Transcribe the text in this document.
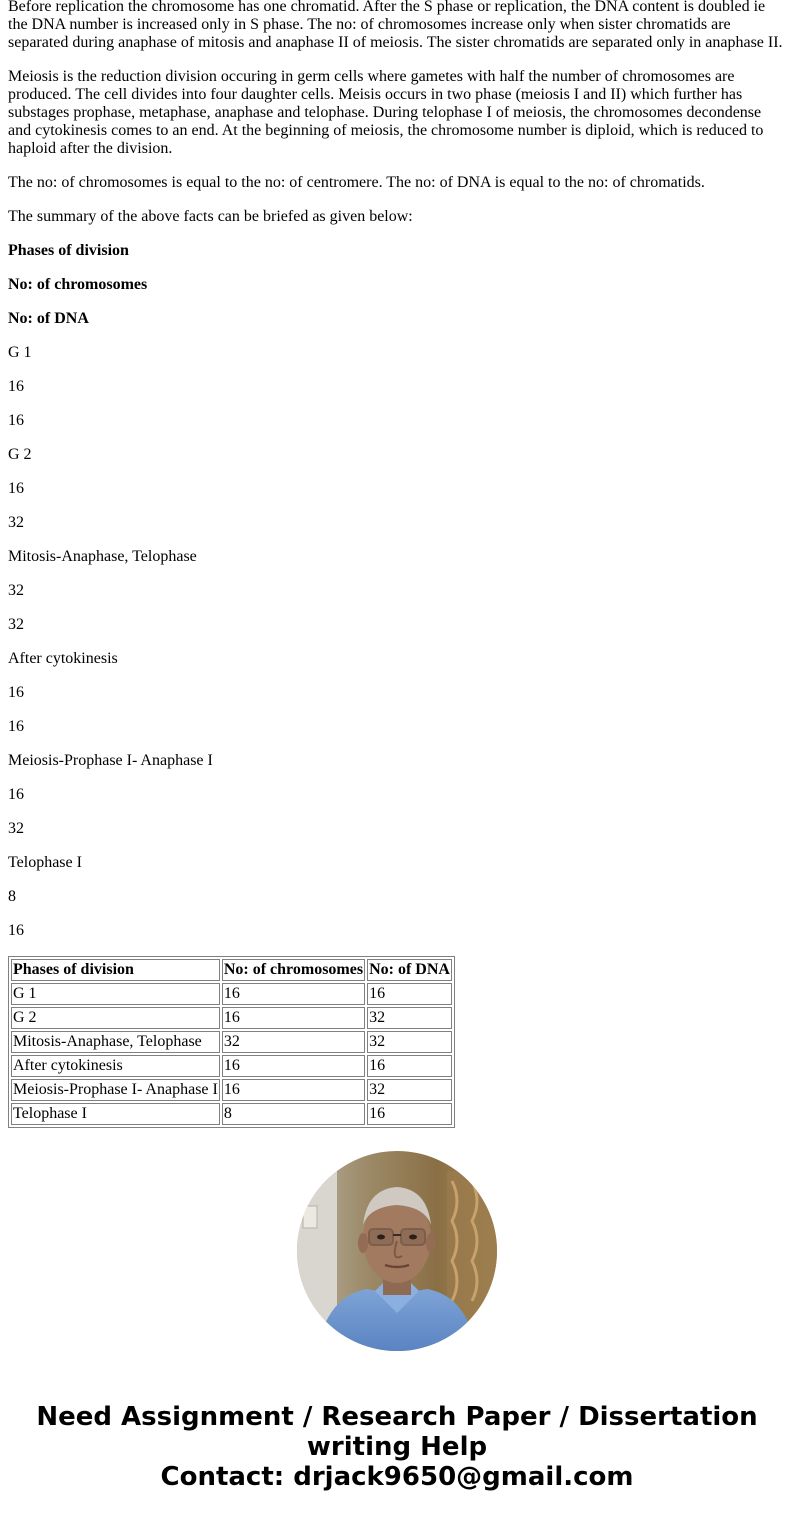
Before replication the chromosome has one chromatid. After the S phase or replication, the DNA content is doubled ie the DNA number is increased only in S phase. The no: of chromosomes increase only when sister chromatids are separated during anaphase of mitosis and anaphase II of meiosis. The sister chromatids are separated only in anaphase II.

Meiosis is the reduction division occuring in germ cells where gametes with half the number of chromosomes are produced. The cell divides into four daughter cells. Meisis occurs in two phase (meiosis I and II) which further has substages prophase, metaphase, anaphase and telophase. During telophase I of meiosis, the chromosomes decondense and cytokinesis comes to an end. At the beginning of meiosis, the chromosome number is diploid, which is reduced to haploid after the division.

The no: of chromosomes is equal to the no: of centromere. The no: of DNA is equal to the no: of chromatids.

The summary of the above facts can be briefed as given below:

Phases of division

No: of chromosomes

No: of DNA

G 1

16

16

G 2

16

32

Mitosis-Anaphase, Telophase

32

32

After cytokinesis

16

16

Meiosis-Prophase I- Anaphase I

16

32

Telophase I

8

16

Phases of division	No: of chromosomes	No: of DNA
G 1	16	16
G 2	16	32
Mitosis-Anaphase, Telophase	32	32
After cytokinesis	16	16
Meiosis-Prophase I- Anaphase I	16	32
Telophase I	8	16
Need Assignment / Research Paper / Dissertation
writing Help
Contact: drjack9650@gmail.com
